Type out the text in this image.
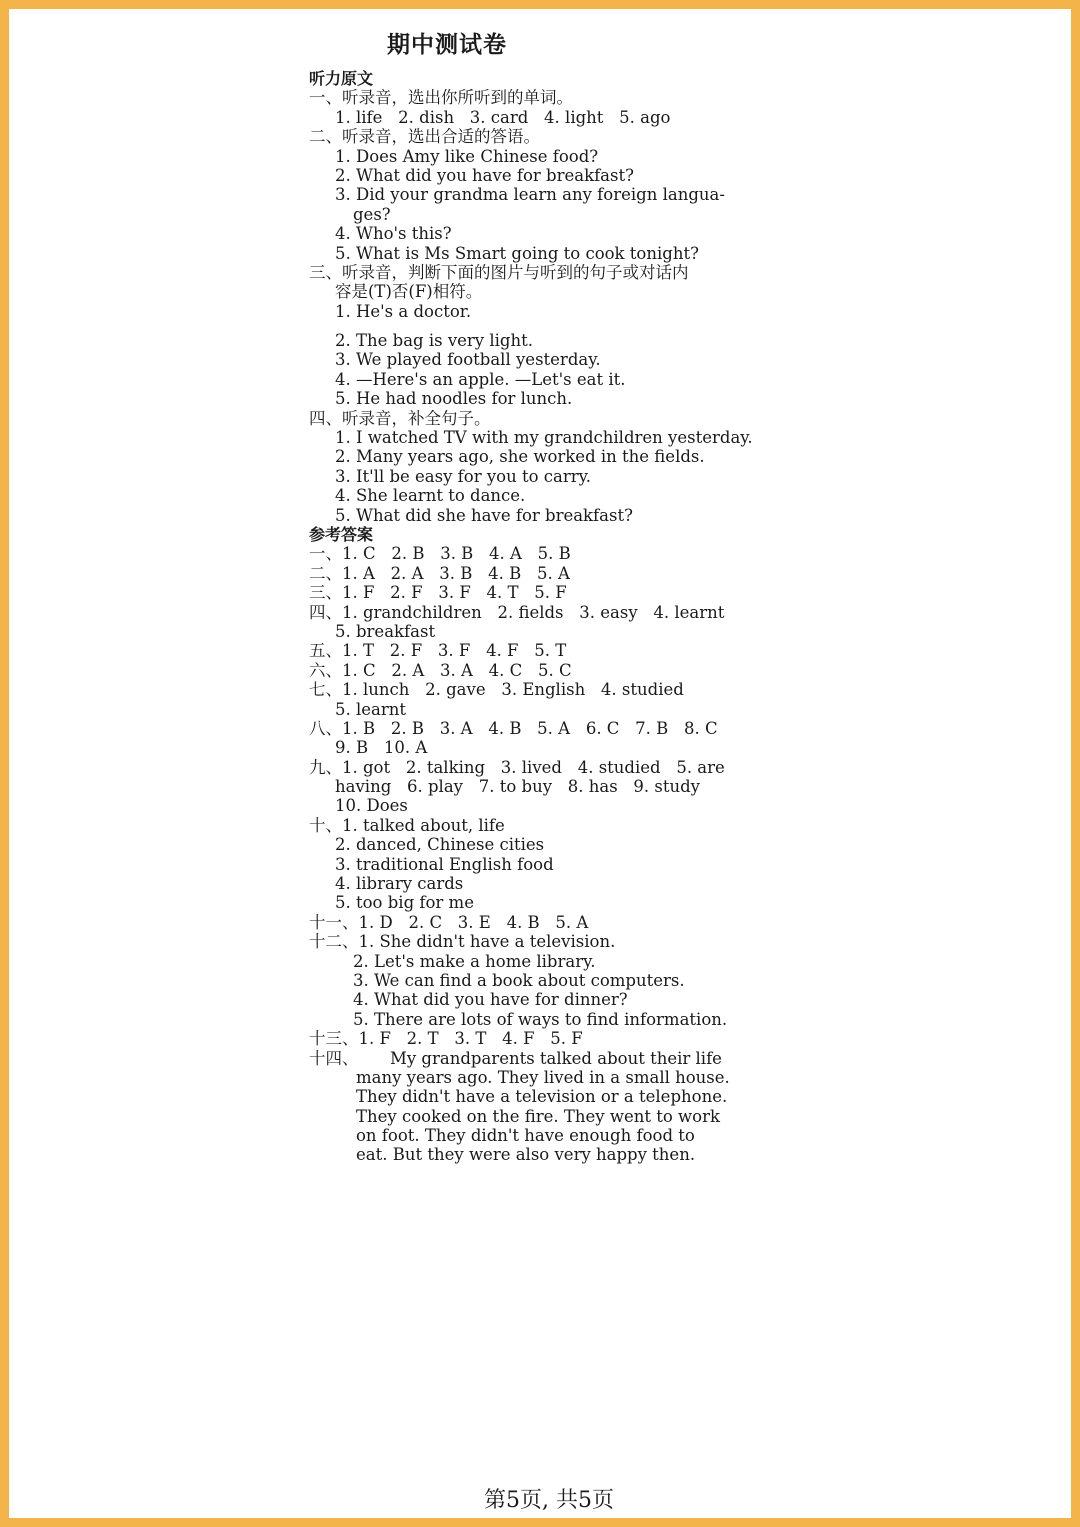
期中测试卷
听力原文
一、听录音，选出你所听到的单词。
1. life   2. dish   3. card   4. light   5. ago
二、听录音，选出合适的答语。
1. Does Amy like Chinese food?
2. What did you have for breakfast?
3. Did your grandma learn any foreign langua-
ges?
4. Who's this?
5. What is Ms Smart going to cook tonight?
三、听录音，判断下面的图片与听到的句子或对话内
容是(T)否(F)相符。
1. He's a doctor.
2. The bag is very light.
3. We played football yesterday.
4. —Here's an apple. —Let's eat it.
5. He had noodles for lunch.
四、听录音，补全句子。
1. I watched TV with my grandchildren yesterday.
2. Many years ago, she worked in the fields.
3. It'll be easy for you to carry.
4. She learnt to dance.
5. What did she have for breakfast?
参考答案
一、1. C   2. B   3. B   4. A   5. B
二、1. A   2. A   3. B   4. B   5. A
三、1. F   2. F   3. F   4. T   5. F
四、1. grandchildren   2. fields   3. easy   4. learnt
5. breakfast
五、1. T   2. F   3. F   4. F   5. T
六、1. C   2. A   3. A   4. C   5. C
七、1. lunch   2. gave   3. English   4. studied
5. learnt
八、1. B   2. B   3. A   4. B   5. A   6. C   7. B   8. C
9. B   10. A
九、1. got   2. talking   3. lived   4. studied   5. are
having   6. play   7. to buy   8. has   9. study
10. Does
十、1. talked about, life
2. danced, Chinese cities
3. traditional English food
4. library cards
5. too big for me
十一、1. D   2. C   3. E   4. B   5. A
十二、1. She didn't have a television.
2. Let's make a home library.
3. We can find a book about computers.
4. What did you have for dinner?
5. There are lots of ways to find information.
十三、1. F   2. T   3. T   4. F   5. F
十四、      My grandparents talked about their life
many years ago. They lived in a small house.
They didn't have a television or a telephone.
They cooked on the fire. They went to work
on foot. They didn't have enough food to
eat. But they were also very happy then.
第5页, 共5页
